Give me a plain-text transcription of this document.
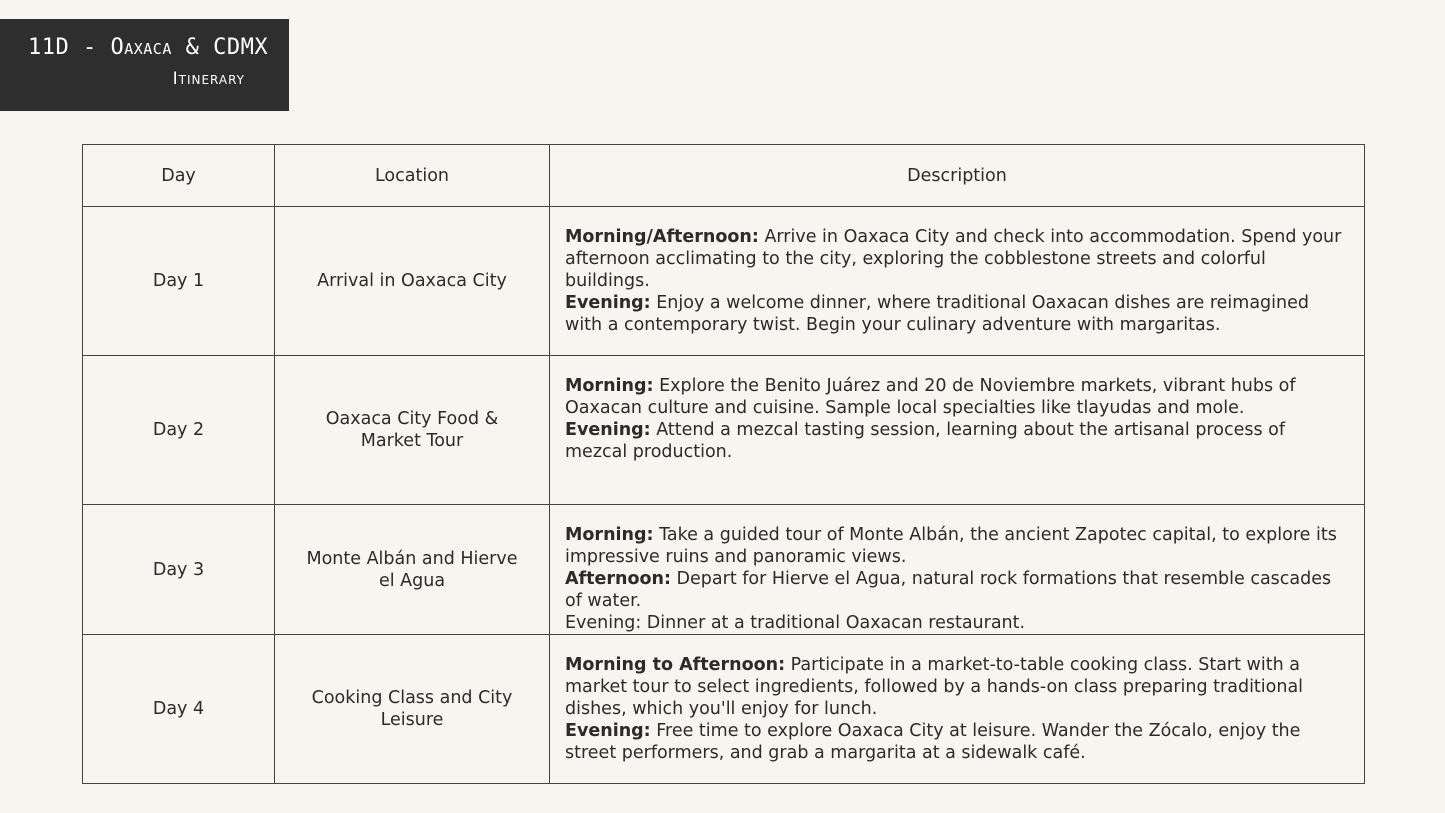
11D - Oaxaca & CDMX
Itinerary
Day	Location	Description
Day 1	Arrival in Oaxaca City	Morning/Afternoon: Arrive in Oaxaca City and check into accommodation. Spend your afternoon acclimating to the city, exploring the cobblestone streets and colorful buildings.
Evening: Enjoy a welcome dinner, where traditional Oaxacan dishes are reimagined with a contemporary twist. Begin your culinary adventure with margaritas.

Day 2	Oaxaca City Food & Market Tour	Morning: Explore the Benito Juárez and 20 de Noviembre markets, vibrant hubs of Oaxacan culture and cuisine. Sample local specialties like tlayudas and mole.
Evening: Attend a mezcal tasting session, learning about the artisanal process of mezcal production.

Day 3	Monte Albán and Hierve el Agua	Morning: Take a guided tour of Monte Albán, the ancient Zapotec capital, to explore its impressive ruins and panoramic views.
Afternoon: Depart for Hierve el Agua, natural rock formations that resemble cascades of water.
Evening: Dinner at a traditional Oaxacan restaurant.

Day 4	Cooking Class and City Leisure	Morning to Afternoon: Participate in a market-to-table cooking class. Start with a market tour to select ingredients, followed by a hands-on class preparing traditional dishes, which you'll enjoy for lunch.
Evening: Free time to explore Oaxaca City at leisure. Wander the Zócalo, enjoy the street performers, and grab a margarita at a sidewalk café.
